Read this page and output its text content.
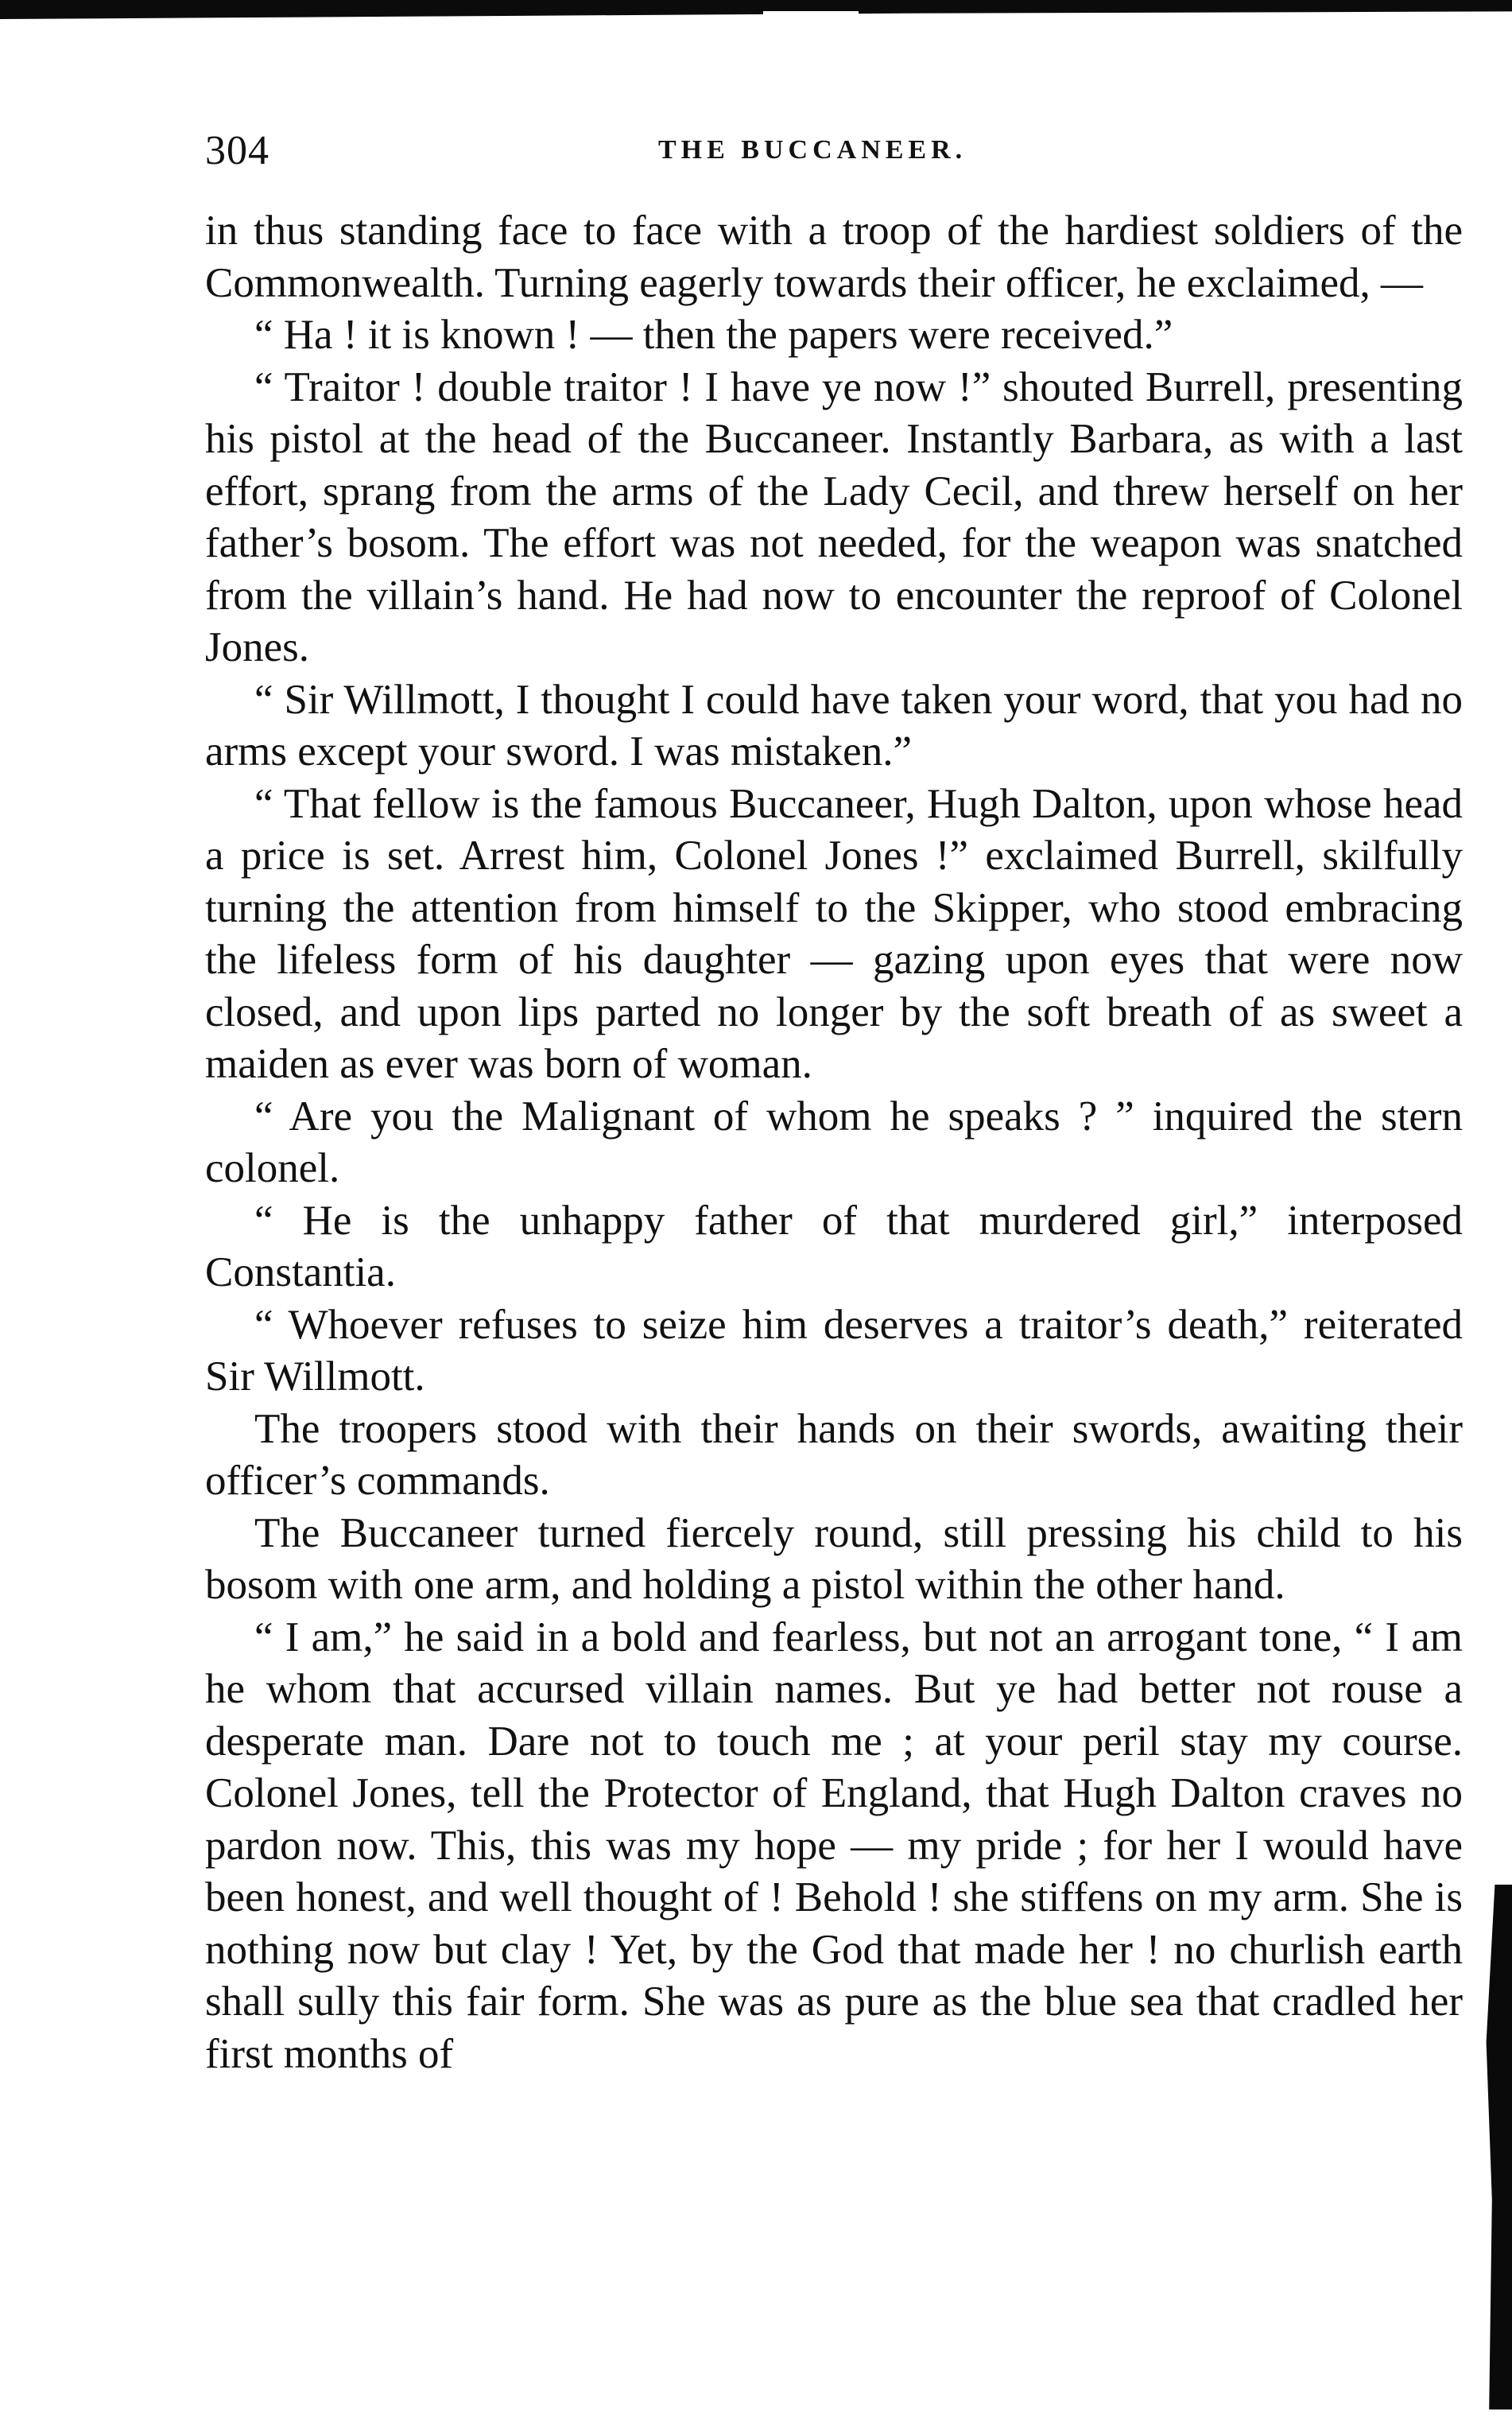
304	THE BUCCANEER.

in thus standing face to face with a troop of the hardiest soldiers of the Commonwealth. Turning eagerly towards their officer, he exclaimed, —

“ Ha ! it is known ! — then the papers were received.”

“ Traitor ! double traitor ! I have ye now !” shouted Burrell, presenting his pistol at the head of the Buccaneer. Instantly Barbara, as with a last effort, sprang from the arms of the Lady Cecil, and threw herself on her father’s bosom. The effort was not needed, for the weapon was snatched from the villain’s hand. He had now to encounter the reproof of Colonel Jones.

“ Sir Willmott, I thought I could have taken your word, that you had no arms except your sword. I was mistaken.”

“ That fellow is the famous Buccaneer, Hugh Dalton, upon whose head a price is set. Arrest him, Colonel Jones !” exclaimed Burrell, skilfully turning the attention from himself to the Skipper, who stood embracing the lifeless form of his daughter — gazing upon eyes that were now closed, and upon lips parted no longer by the soft breath of as sweet a maiden as ever was born of woman.

“ Are you the Malignant of whom he speaks ? ” inquired the stern colonel.

“ He is the unhappy father of that murdered girl,” interposed Constantia.

“ Whoever refuses to seize him deserves a traitor’s death,” reiterated Sir Willmott.

The troopers stood with their hands on their swords, awaiting their officer’s commands.

The Buccaneer turned fiercely round, still pressing his child to his bosom with one arm, and holding a pistol within the other hand.

“ I am,” he said in a bold and fearless, but not an arrogant tone, “ I am he whom that accursed villain names. But ye had better not rouse a desperate man. Dare not to touch me ; at your peril stay my course. Colonel Jones, tell the Protector of England, that Hugh Dalton craves no pardon now. This, this was my hope — my pride ; for her I would have been honest, and well thought of ! Behold ! she stiffens on my arm. She is nothing now but clay ! Yet, by the God that made her ! no churlish earth shall sully this fair form. She was as pure as the blue sea that cradled her first months of
